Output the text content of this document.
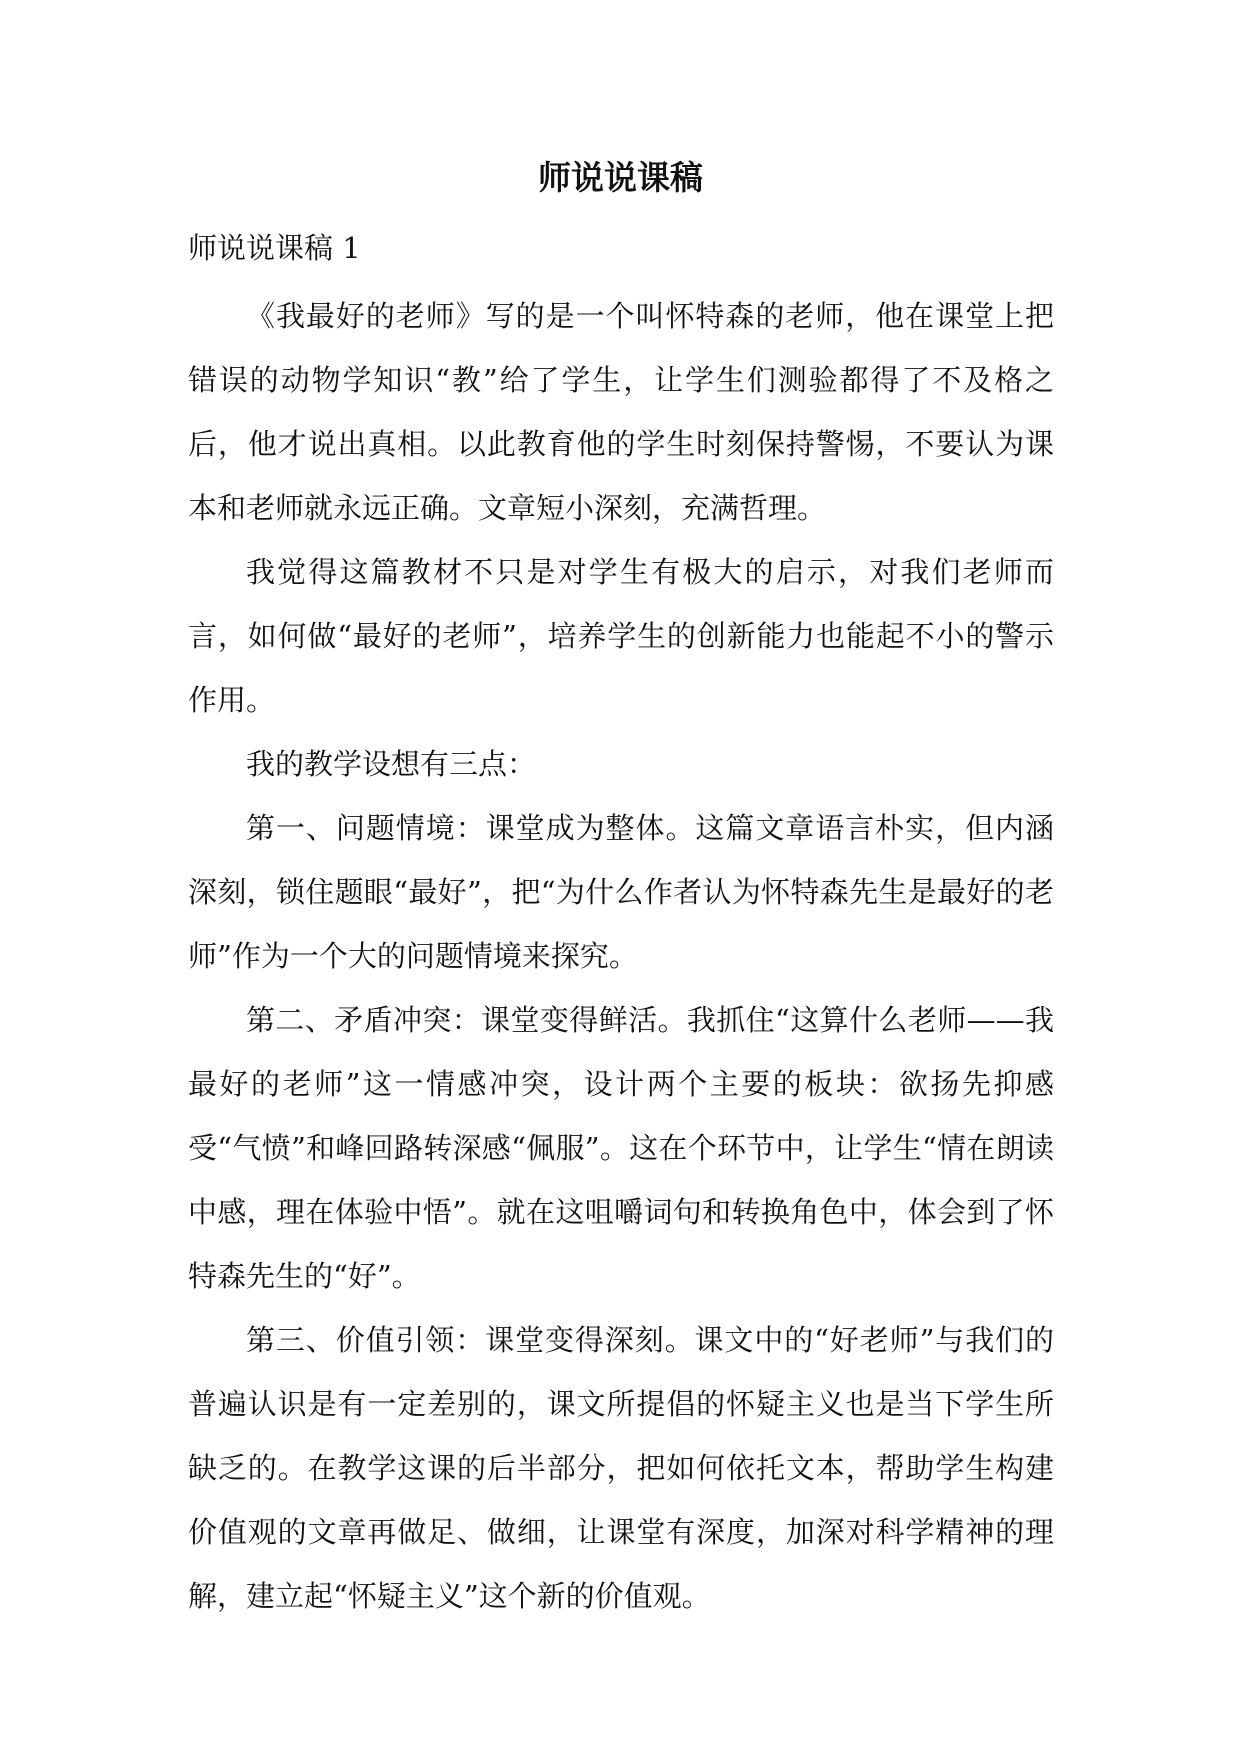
师说说课稿
师说说课稿 1

《我最好的老师》写的是一个叫怀特森的老师，他在课堂上把错误的动物学知识“教”给了学生，让学生们测验都得了不及格之后，他才说出真相。以此教育他的学生时刻保持警惕，不要认为课本和老师就永远正确。文章短小深刻，充满哲理。

我觉得这篇教材不只是对学生有极大的启示，对我们老师而言，如何做“最好的老师”，培养学生的创新能力也能起不小的警示作用。

我的教学设想有三点：

第一、问题情境：课堂成为整体。这篇文章语言朴实，但内涵深刻，锁住题眼“最好”，把“为什么作者认为怀特森先生是最好的老师”作为一个大的问题情境来探究。

第二、矛盾冲突：课堂变得鲜活。我抓住“这算什么老师——我最好的老师”这一情感冲突，设计两个主要的板块：欲扬先抑感受“气愤”和峰回路转深感“佩服”。这在个环节中，让学生“情在朗读中感，理在体验中悟”。就在这咀嚼词句和转换角色中，体会到了怀特森先生的“好”。

第三、价值引领：课堂变得深刻。课文中的“好老师”与我们的普遍认识是有一定差别的，课文所提倡的怀疑主义也是当下学生所缺乏的。在教学这课的后半部分，把如何依托文本，帮助学生构建价值观的文章再做足、做细，让课堂有深度，加深对科学精神的理解，建立起“怀疑主义”这个新的价值观。
